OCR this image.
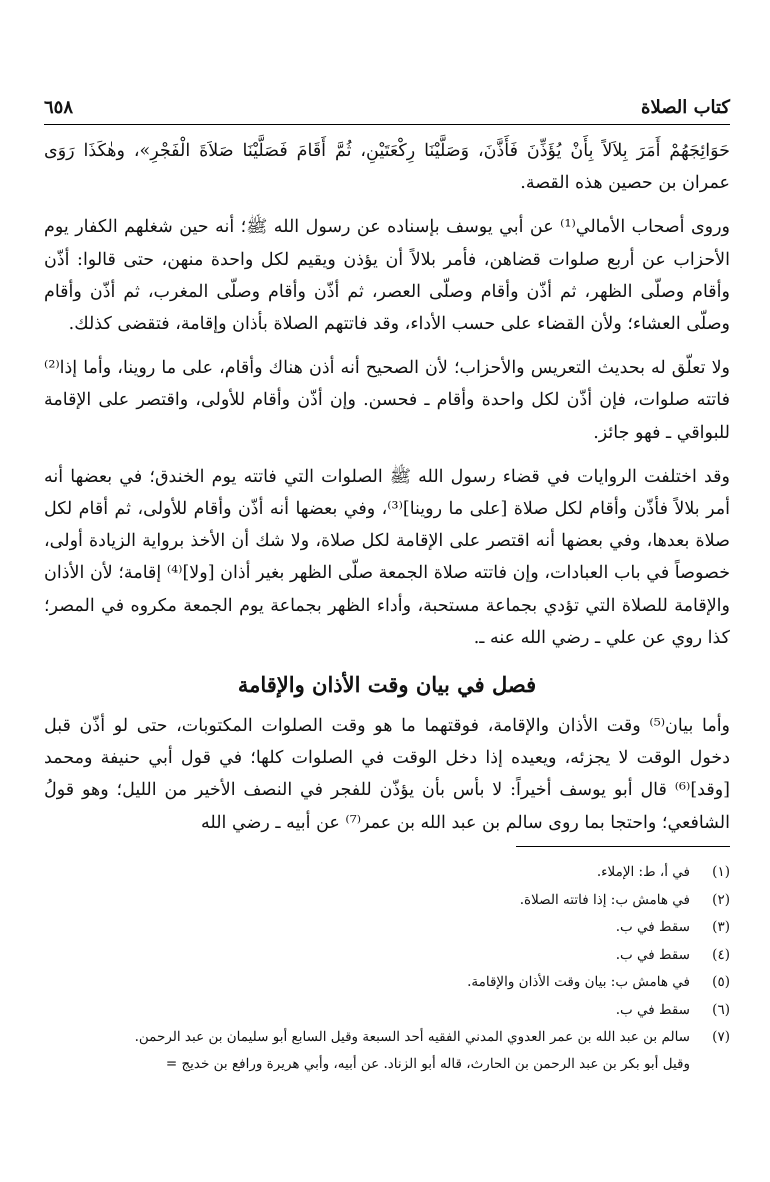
كتاب الصلاة
٦٥٨

حَوَائِجَهُمْ أَمَرَ بِلاَلاً بِأَنْ يُؤَذِّنَ فَأَذَّنَ، وَصَلَّيْنَا رِكْعَتَيْنِ، ثُمَّ أَقَامَ فَصَلَّيْنَا صَلاَةَ الْفَجْرِ»، وهٰكَذَا رَوَى عمران بن حصين هذه القصة.

وروى أصحاب الأمالي⁽¹⁾ عن أبي يوسف بإسناده عن رسول الله ﷺ؛ أنه حين شغلهم الكفار يوم الأحزاب عن أربع صلوات قضاهن، فأمر بلالاً أن يؤذن ويقيم لكل واحدة منهن، حتى قالوا: أذّن وأقام وصلّى الظهر، ثم أذّن وأقام وصلّى العصر، ثم أذّن وأقام وصلّى المغرب، ثم أذّن وأقام وصلّى العشاء؛ ولأن القضاء على حسب الأداء، وقد فاتتهم الصلاة بأذان وإقامة، فتقضى كذلك.

ولا تعلّق له بحديث التعريس والأحزاب؛ لأن الصحيح أنه أذن هناك وأقام، على ما روينا، وأما إذا⁽²⁾ فاتته صلوات، فإن أذّن لكل واحدة وأقام ـ فحسن. وإن أذّن وأقام للأولى، واقتصر على الإقامة للبواقي ـ فهو جائز.

وقد اختلفت الروايات في قضاء رسول الله ﷺ الصلوات التي فاتته يوم الخندق؛ في بعضها أنه أمر بلالاً فأذّن وأقام لكل صلاة [على ما روينا]⁽³⁾، وفي بعضها أنه أذّن وأقام للأولى، ثم أقام لكل صلاة بعدها، وفي بعضها أنه اقتصر على الإقامة لكل صلاة، ولا شك أن الأخذ برواية الزيادة أولى، خصوصاً في باب العبادات، وإن فاتته صلاة الجمعة صلّى الظهر بغير أذان [ولا]⁽⁴⁾ إقامة؛ لأن الأذان والإقامة للصلاة التي تؤدي بجماعة مستحبة، وأداء الظهر بجماعة يوم الجمعة مكروه في المصر؛ كذا روي عن علي ـ رضي الله عنه ـ.

فصل في بيان وقت الأذان والإقامة

وأما بيان⁽⁵⁾ وقت الأذان والإقامة، فوقتهما ما هو وقت الصلوات المكتوبات، حتى لو أذّن قبل دخول الوقت لا يجزئه، ويعيده إذا دخل الوقت في الصلوات كلها؛ في قول أبي حنيفة ومحمد [وقد]⁽⁶⁾ قال أبو يوسف أخيراً: لا بأس بأن يؤذّن للفجر في النصف الأخير من الليل؛ وهو قولُ الشافعي؛ واحتجا بما روى سالم بن عبد الله بن عمر⁽⁷⁾ عن أبيه ـ رضي الله

(١)
في أ، ط: الإملاء.
(٢)
في هامش ب: إذا فاتته الصلاة.
(٣)
سقط في ب.
(٤)
سقط في ب.
(٥)
في هامش ب: بيان وقت الأذان والإقامة.
(٦)
سقط في ب.
(٧)
سالم بن عبد الله بن عمر العدوي المدني الفقيه أحد السبعة وقيل السابع أبو سليمان بن عبد الرحمن.
وقيل أبو بكر بن عبد الرحمن بن الحارث، قاله أبو الزناد. عن أبيه، وأبي هريرة ورافع بن خديج =
